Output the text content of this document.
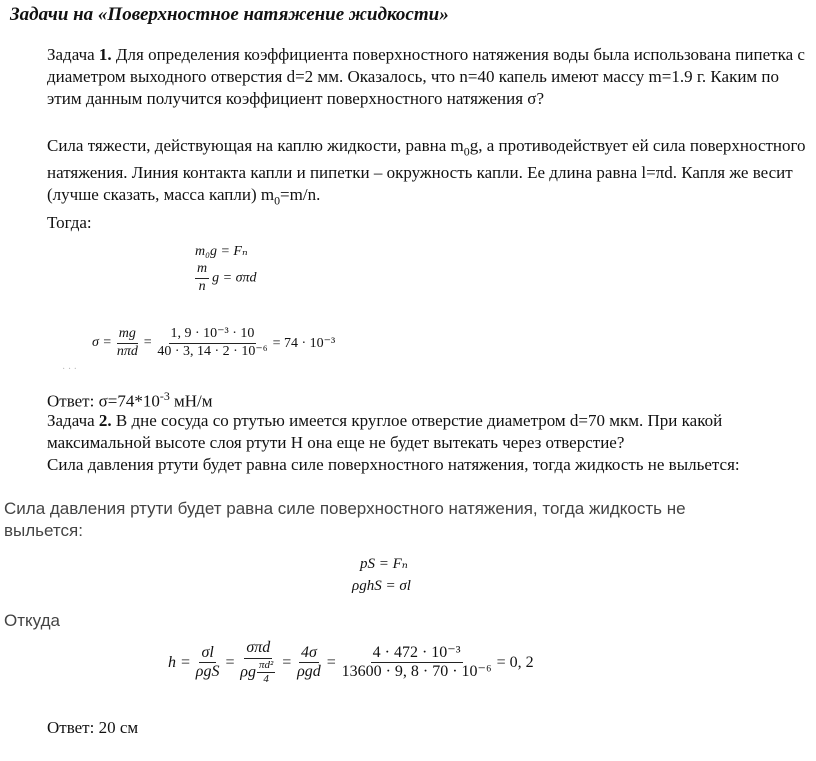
Задачи на «Поверхностное натяжение жидкости»
Задача 1. Для определения коэффициента поверхностного натяжения воды была использована пипетка с диаметром выходного отверстия d=2 мм. Оказалось, что n=40 капель имеют массу m=1.9 г. Каким по этим данным получится коэффициент поверхностного натяжения σ?
Сила тяжести, действующая на каплю жидкости, равна $m_0g$, а противодействует ей сила поверхностного натяжения. Линия контакта капли и пипетки – окружность капли. Ее длина равна l=πd. Капля же весит (лучше сказать, масса капли) $m_0=m/n$.
Тогда:
m₀g = Fₙ
$\frac{m}{n}$ g = σπd
$\sigma = \frac{mg}{\text{nπd}} = \frac{\text{1, 9 · 10⁻³ · 10}}{\text{40 · 3, 14 · 2 · 10⁻⁶}} = 74 \cdot 10^{-3}$
· · ·
Ответ: $\sigma=74*10^{-3}$ мН/м
Задача 2. В дне сосуда со ртутью имеется круглое отверстие диаметром d=70 мкм. При какой максимальной высоте слоя ртути H она еще не будет вытекать через отверстие?
Сила давления ртути будет равна силе поверхностного натяжения, тогда жидкость не выльется:
Сила давления ртути будет равна силе поверхностного натяжения, тогда жидкость не выльется:
pS = Fₙ
ρghS = σl
Откуда
$h = \frac{\sigma l}{\text{ρgS}} = \frac{\text{σπd}}{\rho g \frac{\text{πd²}}{4}} = \frac{4\sigma}{\text{ρgd}} = \frac{\text{4 · 472 · 10⁻³}}{\text{13600 · 9, 8 · 70 · 10⁻⁶}} = 0$, 2
Ответ: 20 см
